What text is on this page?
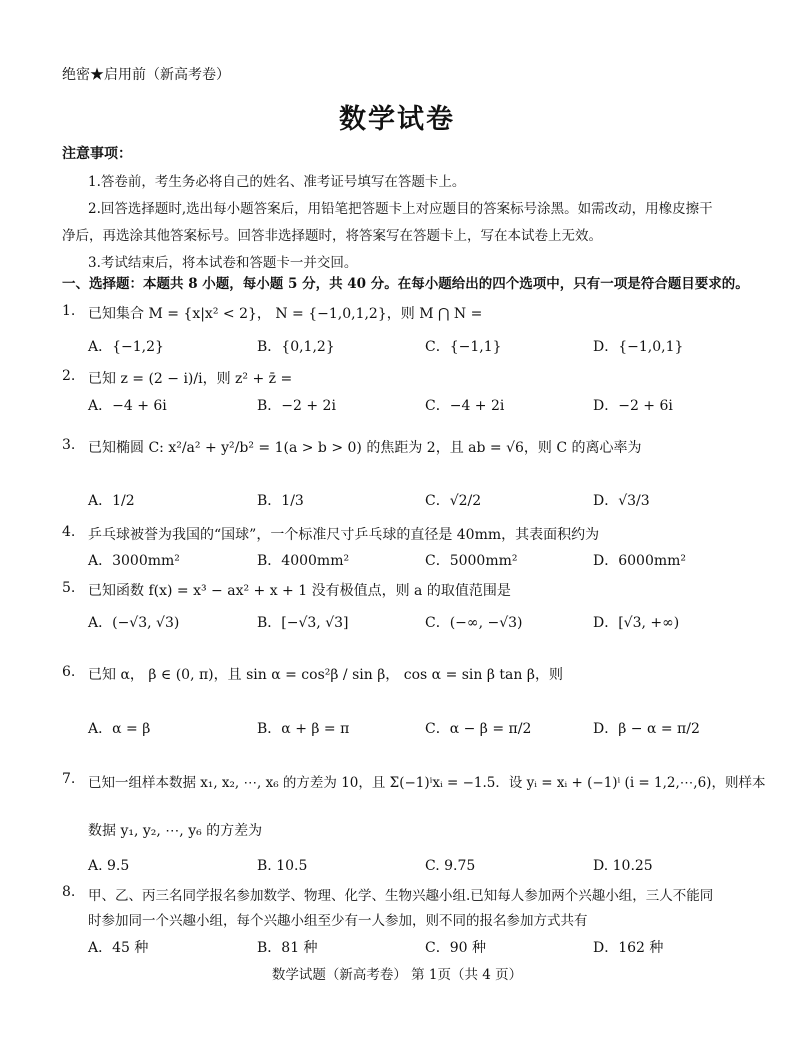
绝密★启用前（新高考卷）
数学试卷
注意事项：
1.答卷前，考生务必将自己的姓名、准考证号填写在答题卡上。
2.回答选择题时,选出每小题答案后，用铅笔把答题卡上对应题目的答案标号涂黑。如需改动，用橡皮擦干
净后，再选涂其他答案标号。回答非选择题时，将答案写在答题卡上，写在本试卷上无效。
3.考试结束后，将本试卷和答题卡一并交回。
一、选择题：本题共 8 小题，每小题 5 分，共 40 分。在每小题给出的四个选项中，只有一项是符合题目要求的。
1. 已知集合 M = {x|x² < 2}， N = {−1,0,1,2}，则 M ⋂ N =
A．{−1,2}	B．{0,1,2}	C．{−1,1}	D．{−1,0,1}
2. 已知 z = (2 − i)/i，则 z² + z̄ =
A．−4 + 6i	B．−2 + 2i	C．−4 + 2i	D．−2 + 6i
3. 已知椭圆 C: x²/a² + y²/b² = 1(a > b > 0) 的焦距为 2，且 ab = √6，则 C 的离心率为
A．1/2	B．1/3	C．√2/2	D．√3/3
4. 乒乓球被誉为我国的“国球”，一个标准尺寸乒乓球的直径是 40mm，其表面积约为
A．3000mm²	B．4000mm²	C．5000mm²	D．6000mm²
5. 已知函数 f(x) = x³ − ax² + x + 1 没有极值点，则 a 的取值范围是
A．(−√3, √3)	B．[−√3, √3]	C．(−∞, −√3)	D．[√3, +∞)
6. 已知 α， β ∈ (0, π)，且 sin α = cos²β / sin β， cos α = sin β tan β，则
A．α = β	B．α + β = π	C．α − β = π/2	D．β − α = π/2
7. 已知一组样本数据 x₁, x₂, ⋯, x₆ 的方差为 10，且 Σ(−1)ⁱxᵢ = −1.5．设 yᵢ = xᵢ + (−1)ⁱ (i = 1,2,⋯,6)，则样本
数据 y₁, y₂, ⋯, y₆ 的方差为
A. 9.5	B. 10.5	C. 9.75	D. 10.25
8. 甲、乙、丙三名同学报名参加数学、物理、化学、生物兴趣小组.已知每人参加两个兴趣小组，三人不能同
时参加同一个兴趣小组，每个兴趣小组至少有一人参加，则不同的报名参加方式共有
A．45 种	B．81 种	C．90 种	D．162 种
数学试题（新高考卷） 第 1页（共 4 页）
